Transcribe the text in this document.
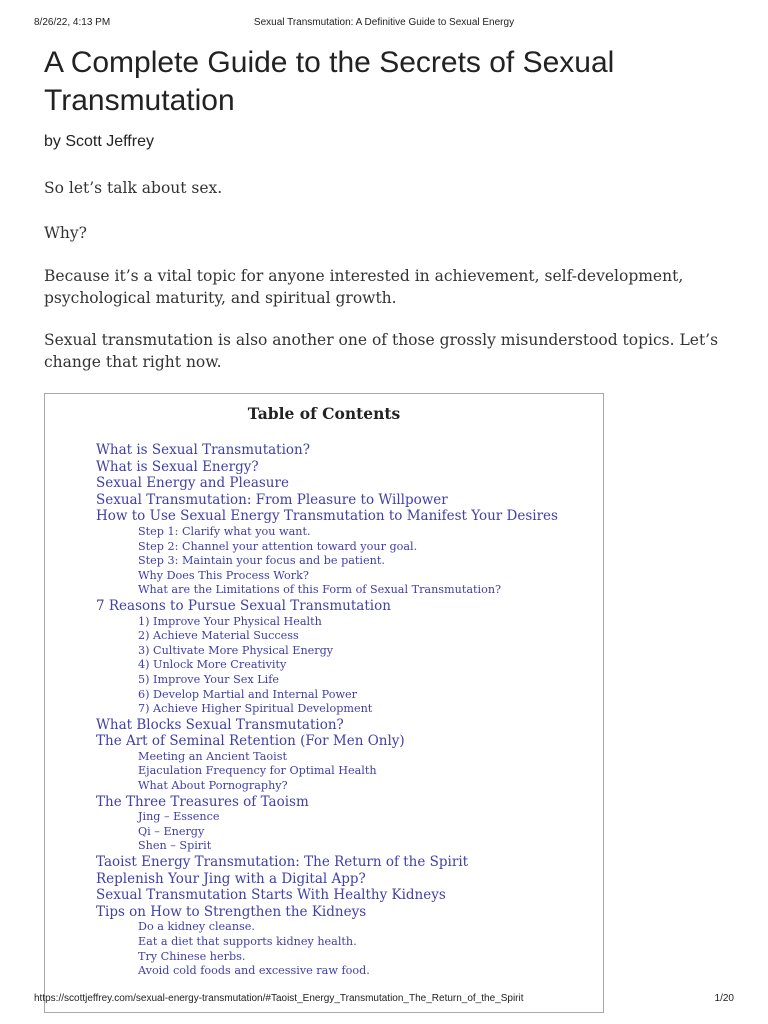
8/26/22, 4:13 PM	Sexual Transmutation: A Definitive Guide to Sexual Energy
A Complete Guide to the Secrets of Sexual Transmutation

by Scott Jeffrey

So let’s talk about sex.

Why?

Because it’s a vital topic for anyone interested in achievement, self-development, psychological maturity, and spiritual growth.

Sexual transmutation is also another one of those grossly misunderstood topics. Let’s change that right now.

Table of Contents
What is Sexual Transmutation?
What is Sexual Energy?
Sexual Energy and Pleasure
Sexual Transmutation: From Pleasure to Willpower
How to Use Sexual Energy Transmutation to Manifest Your Desires
Step 1: Clarify what you want.
Step 2: Channel your attention toward your goal.
Step 3: Maintain your focus and be patient.
Why Does This Process Work?
What are the Limitations of this Form of Sexual Transmutation?
7 Reasons to Pursue Sexual Transmutation
1) Improve Your Physical Health
2) Achieve Material Success
3) Cultivate More Physical Energy
4) Unlock More Creativity
5) Improve Your Sex Life
6) Develop Martial and Internal Power
7) Achieve Higher Spiritual Development
What Blocks Sexual Transmutation?
The Art of Seminal Retention (For Men Only)
Meeting an Ancient Taoist
Ejaculation Frequency for Optimal Health
What About Pornography?
The Three Treasures of Taoism
Jing – Essence
Qi – Energy
Shen – Spirit
Taoist Energy Transmutation: The Return of the Spirit
Replenish Your Jing with a Digital App?
Sexual Transmutation Starts With Healthy Kidneys
Tips on How to Strengthen the Kidneys
Do a kidney cleanse.
Eat a diet that supports kidney health.
Try Chinese herbs.
Avoid cold foods and excessive raw food.
https://scottjeffrey.com/sexual-energy-transmutation/#Taoist_Energy_Transmutation_The_Return_of_the_Spirit	1/20
